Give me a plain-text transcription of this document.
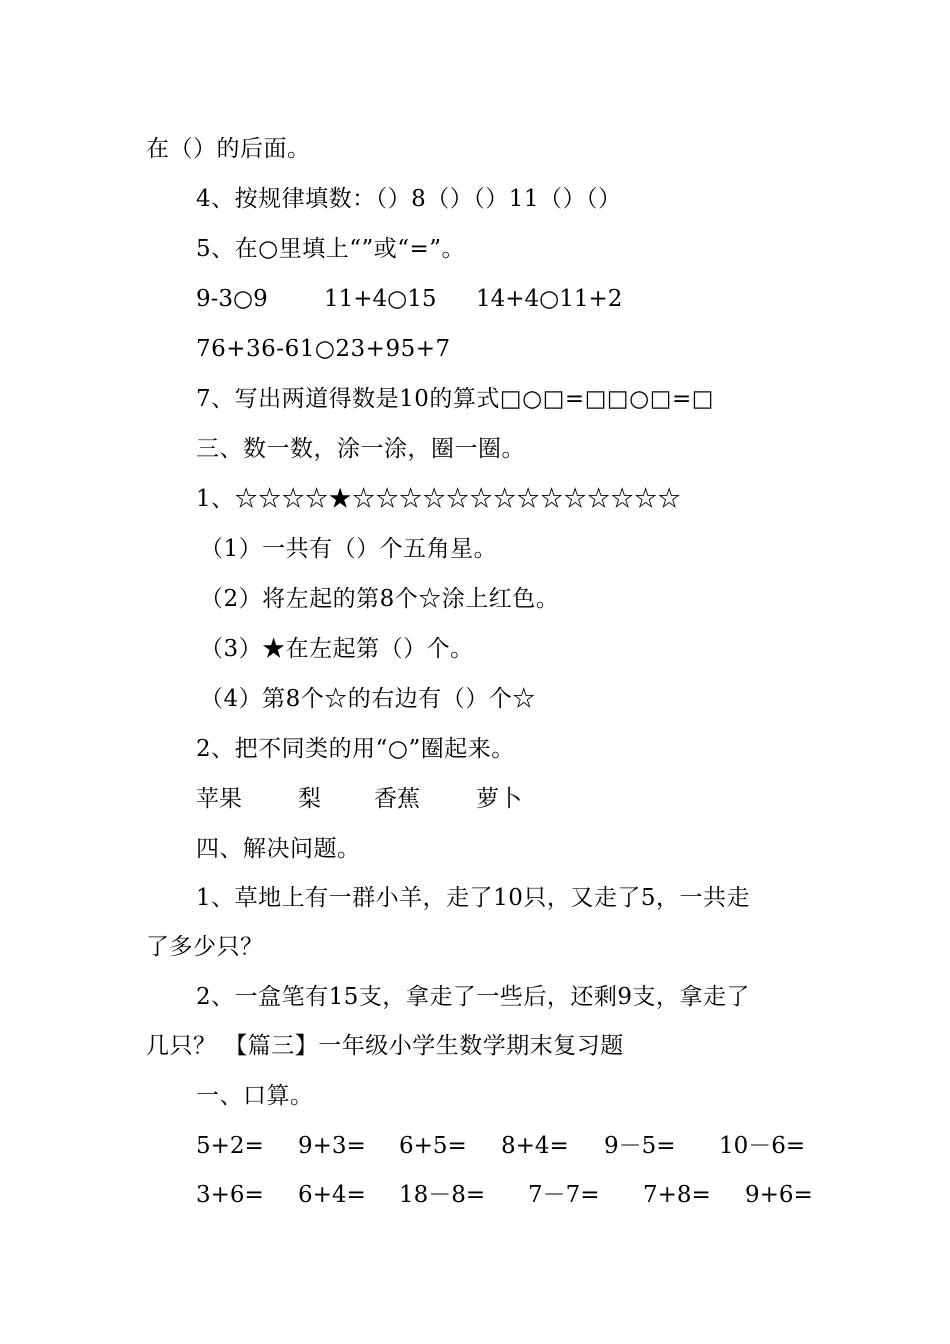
在（）的后面。
4、按规律填数：（）8（）（）11（）（）
5、在○里填上“”或“=”。
9-3○9 11+4○15 14+4○11+2
76+36-61○23+95+7
7、写出两道得数是10的算式□○□=□□○□=□
三、数一数，涂一涂，圈一圈。
1、☆☆☆☆★☆☆☆☆☆☆☆☆☆☆☆☆☆☆
（1）一共有（）个五角星。
（2）将左起的第8个☆涂上红色。
（3）★在左起第（）个。
（4）第8个☆的右边有（）个☆
2、把不同类的用“○”圈起来。
苹果 梨 香蕉 萝卜
四、解决问题。
1、草地上有一群小羊，走了10只，又走了5，一共走
了多少只？
2、一盒笔有15支，拿走了一些后，还剩9支，拿走了
几只？ 【篇三】一年级小学生数学期末复习题
一、口算。
5+2= 9+3= 6+5= 8+4= 9－5= 10－6=
3+6= 6+4= 18－8= 7－7= 7+8= 9+6=
